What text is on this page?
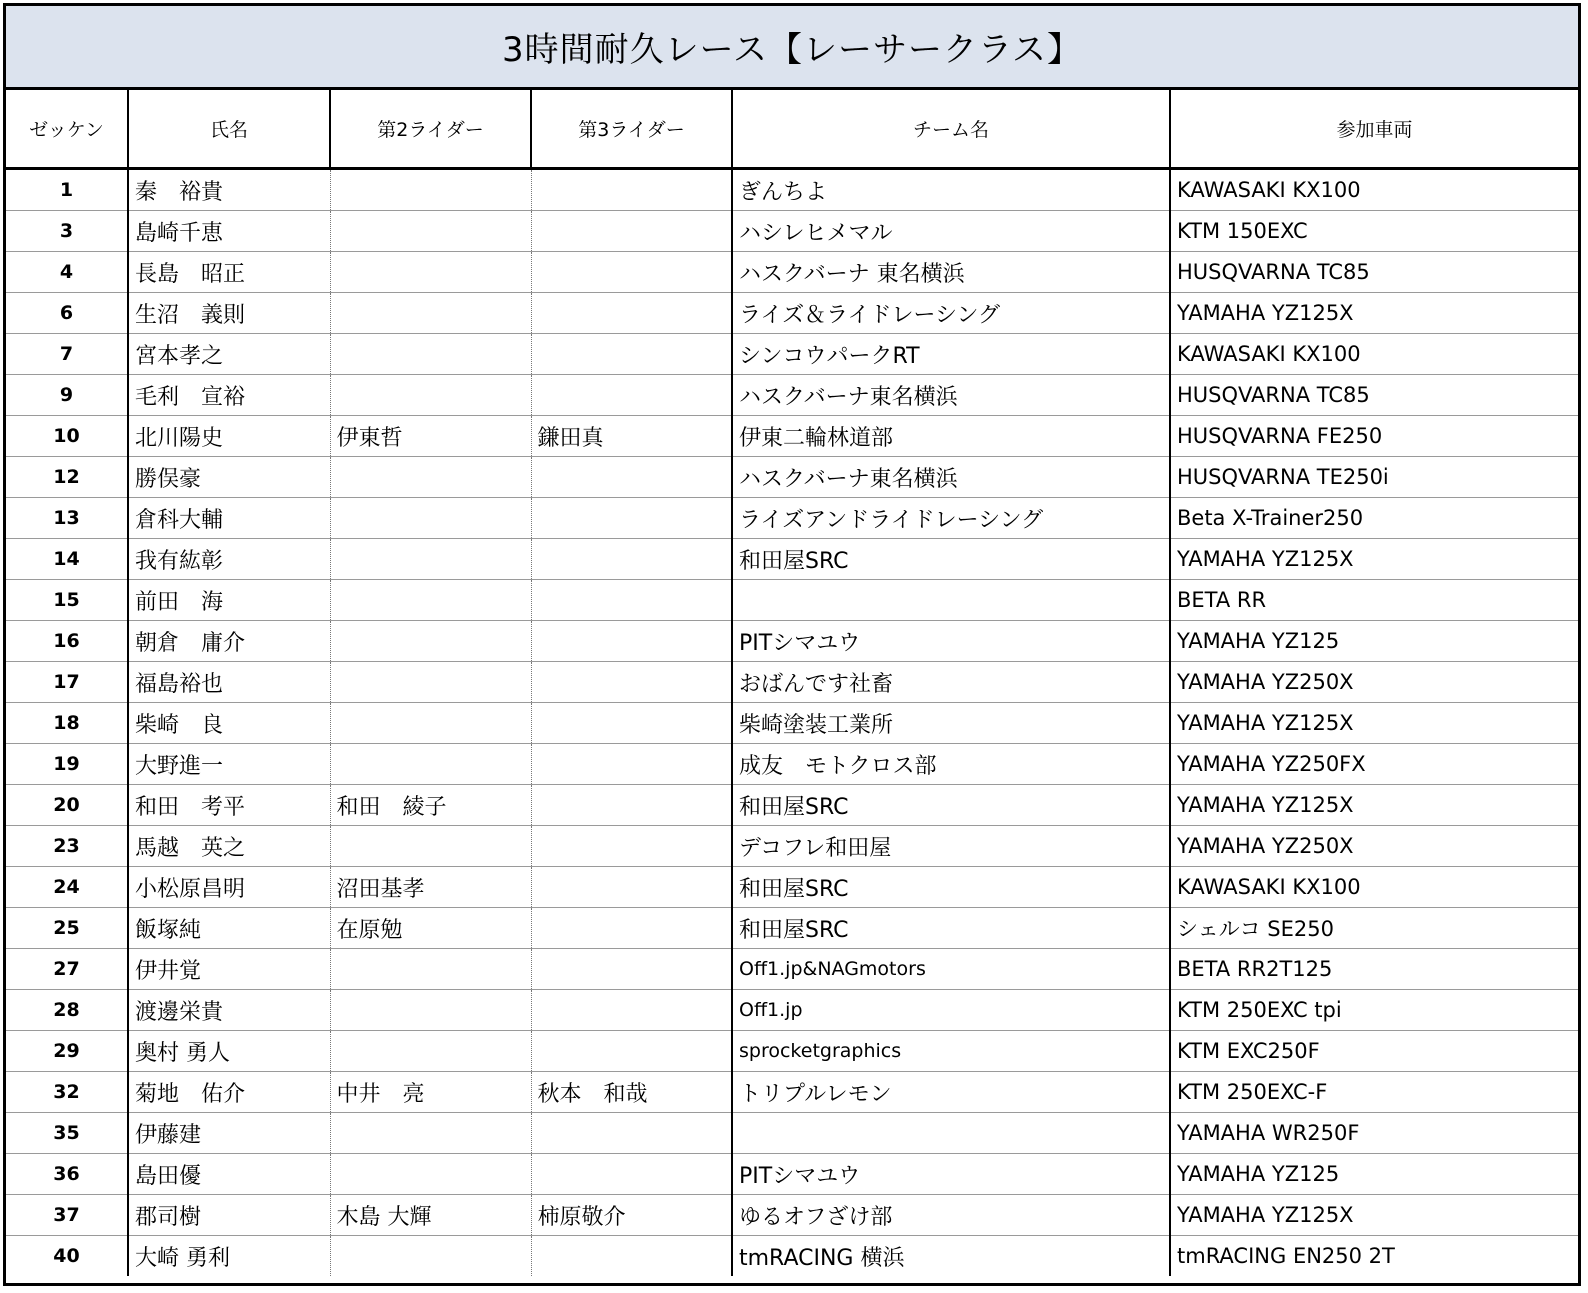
3時間耐久レース【レーサークラス】
ゼッケン	氏名	第2ライダー	第3ライダー	チーム名	参加車両
1	秦　裕貴			ぎんちよ	KAWASAKI KX100
3	島崎千恵			ハシレヒメマル	KTM 150EXC
4	長島　昭正			ハスクバーナ 東名横浜	HUSQVARNA TC85
6	生沼　義則			ライズ＆ライドレーシング	YAMAHA YZ125X
7	宮本孝之			シンコウパークRT	KAWASAKI KX100
9	毛利　宣裕			ハスクバーナ東名横浜	HUSQVARNA TC85
10	北川陽史	伊東哲	鎌田真	伊東二輪林道部	HUSQVARNA FE250
12	勝俣豪			ハスクバーナ東名横浜	HUSQVARNA TE250i
13	倉科大輔			ライズアンドライドレーシング	Beta X-Trainer250
14	我有紘彰			和田屋SRC	YAMAHA YZ125X
15	前田　海				BETA RR
16	朝倉　庸介			PITシマユウ	YAMAHA YZ125
17	福島裕也			おばんです社畜	YAMAHA YZ250X
18	柴崎　良			柴崎塗装工業所	YAMAHA YZ125X
19	大野進一			成友　モトクロス部	YAMAHA YZ250FX
20	和田　考平	和田　綾子		和田屋SRC	YAMAHA YZ125X
23	馬越　英之			デコフレ和田屋	YAMAHA YZ250X
24	小松原昌明	沼田基孝		和田屋SRC	KAWASAKI KX100
25	飯塚純	在原勉		和田屋SRC	シェルコ SE250
27	伊井覚			Off1.jp&NAGmotors	BETA RR2T125
28	渡邊栄貴			Off1.jp	KTM 250EXC tpi
29	奥村 勇人			sprocketgraphics	KTM EXC250F
32	菊地　佑介	中井　亮	秋本　和哉	トリプルレモン	KTM 250EXC-F
35	伊藤建				YAMAHA WR250F
36	島田優			PITシマユウ	YAMAHA YZ125
37	郡司樹	木島 大輝	柿原敬介	ゆるオフざけ部	YAMAHA YZ125X
40	大崎 勇利			tmRACING 横浜	tmRACING EN250 2T
